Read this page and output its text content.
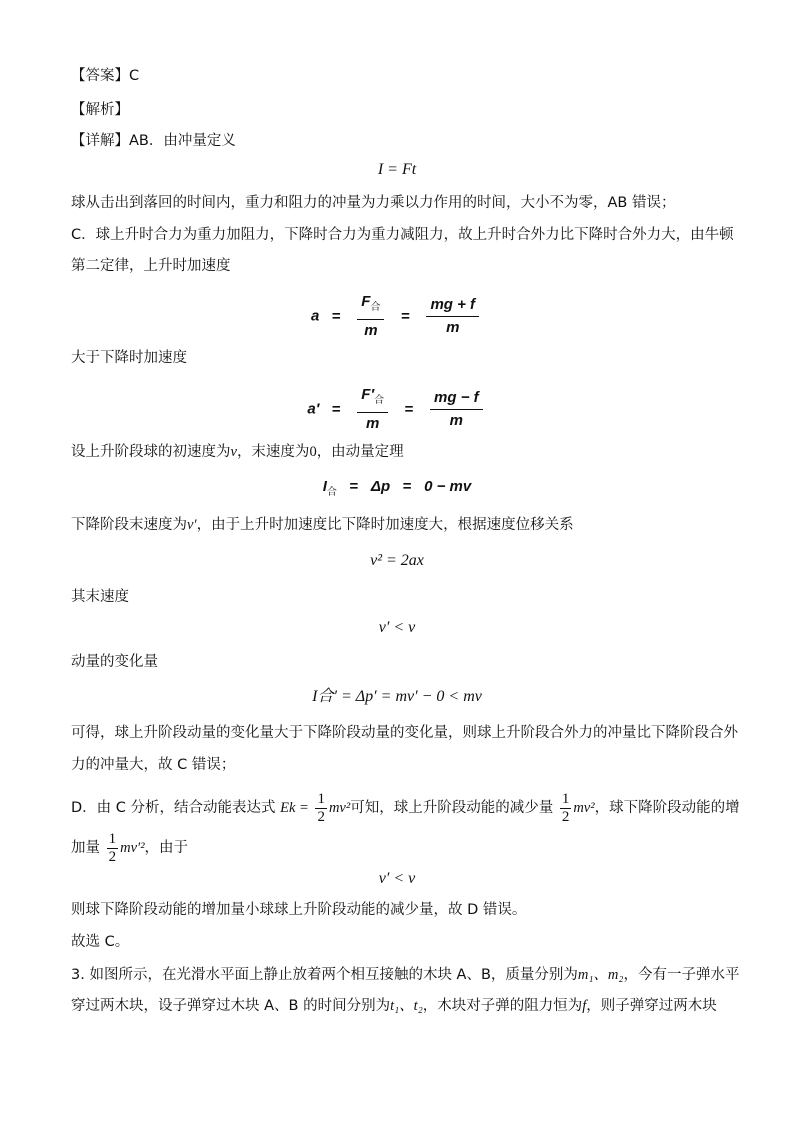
【答案】C
【解析】
【详解】AB．由冲量定义
I = Ft
球从击出到落回的时间内，重力和阻力的冲量为力乘以力作用的时间，大小不为零，AB 错误；
C．球上升时合力为重力加阻力，下降时合力为重力减阻力，故上升时合外力比下降时合外力大，由牛顿
第二定律，上升时加速度
$a = \frac{F_合}{m} = \frac{mg + f}{m}$
大于下降时加速度
$a' = \frac{F'_合}{m} = \frac{mg - f}{m}$
设上升阶段球的初速度为v，末速度为0，由动量定理
$I_合 = \Delta p = 0$ − mv
下降阶段末速度为v′，由于上升时加速度比下降时加速度大，根据速度位移关系
v² = 2ax
其末速度
v′ < v
动量的变化量
I合′ = Δp′ = mv′ − 0 < mv
可得，球上升阶段动量的变化量大于下降阶段动量的变化量，则球上升阶段合外力的冲量比下降阶段合外
力的冲量大，故 C 错误；
D．由 C 分析，结合动能表达式 $Ek = \frac{1}{2} mv^2$可知，球上升阶段动能的减少量 $\frac{1}{2} mv^2$，球下降阶段动能的增
加量 $\frac{1}{2} mv'^2$，由于
v′ < v
则球下降阶段动能的增加量小球球上升阶段动能的减少量，故 D 错误。
故选 C。
3. 如图所示，在光滑水平面上静止放着两个相互接触的木块 A、B，质量分别为m₁、m₂，今有一子弹水平
穿过两木块，设子弹穿过木块 A、B 的时间分别为t₁、t₂，木块对子弹的阻力恒为f，则子弹穿过两木块
